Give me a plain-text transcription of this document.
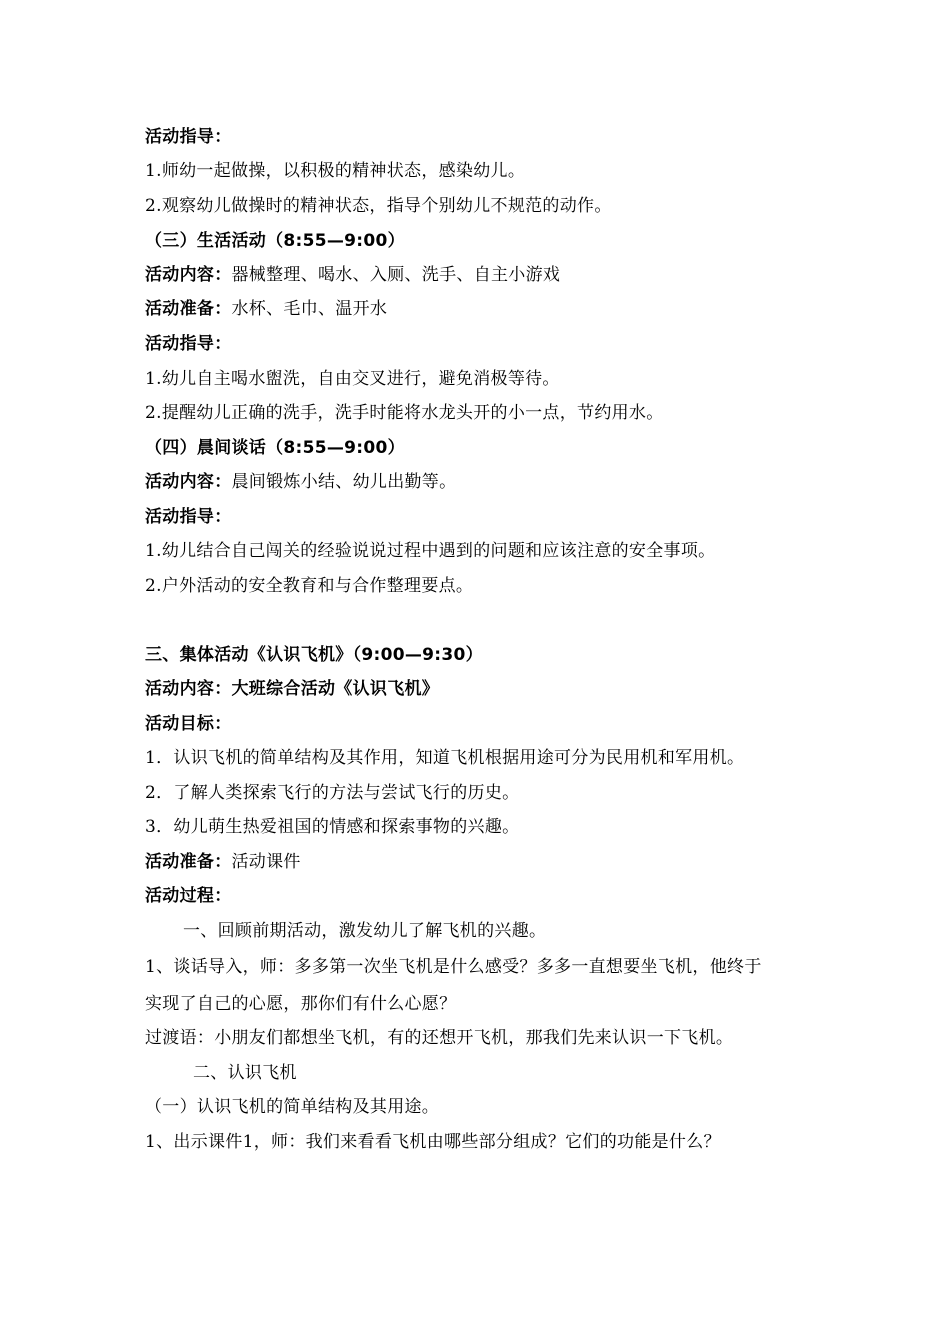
活动指导：
1.师幼一起做操，以积极的精神状态，感染幼儿。
2.观察幼儿做操时的精神状态，指导个别幼儿不规范的动作。
（三）生活活动（8:55—9:00）
活动内容：器械整理、喝水、入厕、洗手、自主小游戏
活动准备：水杯、毛巾、温开水
活动指导：
1.幼儿自主喝水盥洗，自由交叉进行，避免消极等待。
2.提醒幼儿正确的洗手，洗手时能将水龙头开的小一点，节约用水。
（四）晨间谈话（8:55—9:00）
活动内容：晨间锻炼小结、幼儿出勤等。
活动指导：
1.幼儿结合自己闯关的经验说说过程中遇到的问题和应该注意的安全事项。
2.户外活动的安全教育和与合作整理要点。
三、集体活动《认识飞机》（9:00—9:30）
活动内容：大班综合活动《认识飞机》
活动目标：
1．认识飞机的简单结构及其作用，知道飞机根据用途可分为民用机和军用机。
2．了解人类探索飞行的方法与尝试飞行的历史。
3．幼儿萌生热爱祖国的情感和探索事物的兴趣。
活动准备：活动课件
活动过程：
一、回顾前期活动，激发幼儿了解飞机的兴趣。
1、谈话导入，师：多多第一次坐飞机是什么感受？多多一直想要坐飞机，他终于
实现了自己的心愿，那你们有什么心愿？
过渡语：小朋友们都想坐飞机，有的还想开飞机，那我们先来认识一下飞机。
二、认识飞机
（一）认识飞机的简单结构及其用途。
1、出示课件1，师：我们来看看飞机由哪些部分组成？它们的功能是什么？
